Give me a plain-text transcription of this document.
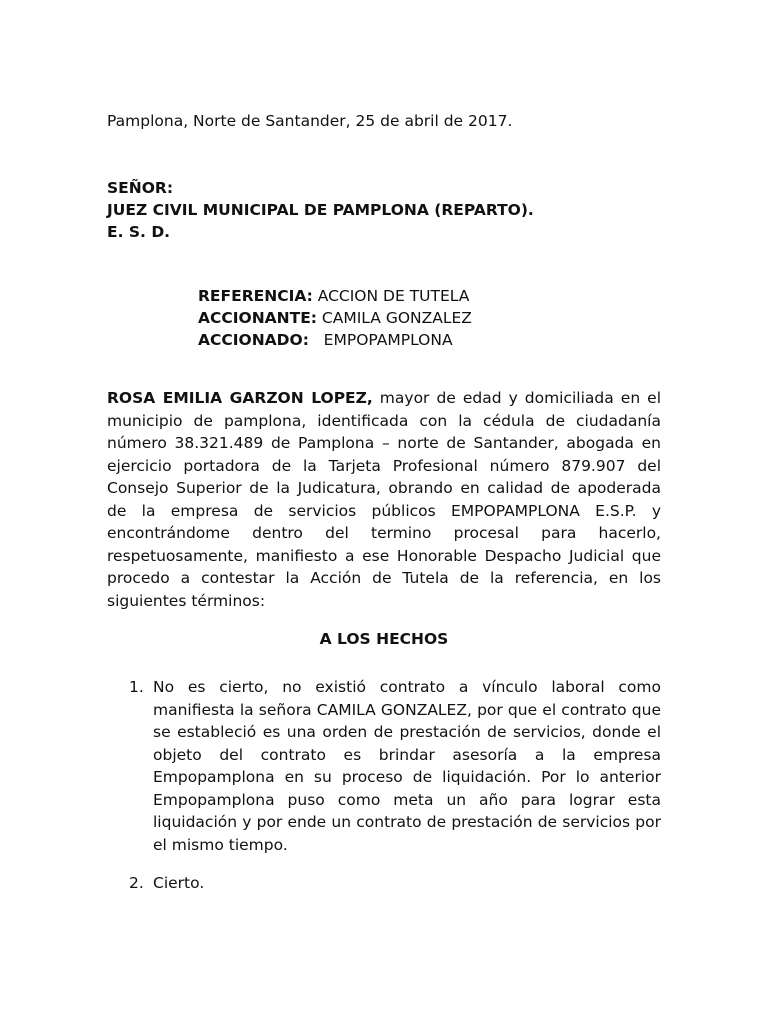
Pamplona, Norte de Santander, 25 de abril de 2017.
SEÑOR:
JUEZ CIVIL MUNICIPAL DE PAMPLONA (REPARTO).
E. S. D.
REFERENCIA: ACCION DE TUTELA
ACCIONANTE: CAMILA GONZALEZ
ACCIONADO:   EMPOPAMPLONA

ROSA EMILIA GARZON LOPEZ, mayor de edad y domiciliada en el municipio de pamplona, identificada con la cédula de ciudadanía número 38.321.489 de Pamplona – norte de Santander, abogada en ejercicio portadora de la Tarjeta Profesional número 879.907 del Consejo Superior de la Judicatura, obrando en calidad de apoderada de la empresa de servicios públicos EMPOPAMPLONA E.S.P. y encontrándome dentro del termino procesal para hacerlo, respetuosamente, manifiesto a ese Honorable Despacho Judicial que procedo a contestar la Acción de Tutela de la referencia, en los siguientes términos:

A LOS HECHOS
1. No es cierto, no existió contrato a vínculo laboral como manifiesta la señora CAMILA GONZALEZ, por que el contrato que se estableció es una orden de prestación de servicios, donde el objeto del contrato es brindar asesoría a la empresa Empopamplona en su proceso de liquidación. Por lo anterior Empopamplona puso como meta un año para lograr esta liquidación y por ende un contrato de prestación de servicios por el mismo tiempo.
2. Cierto.
